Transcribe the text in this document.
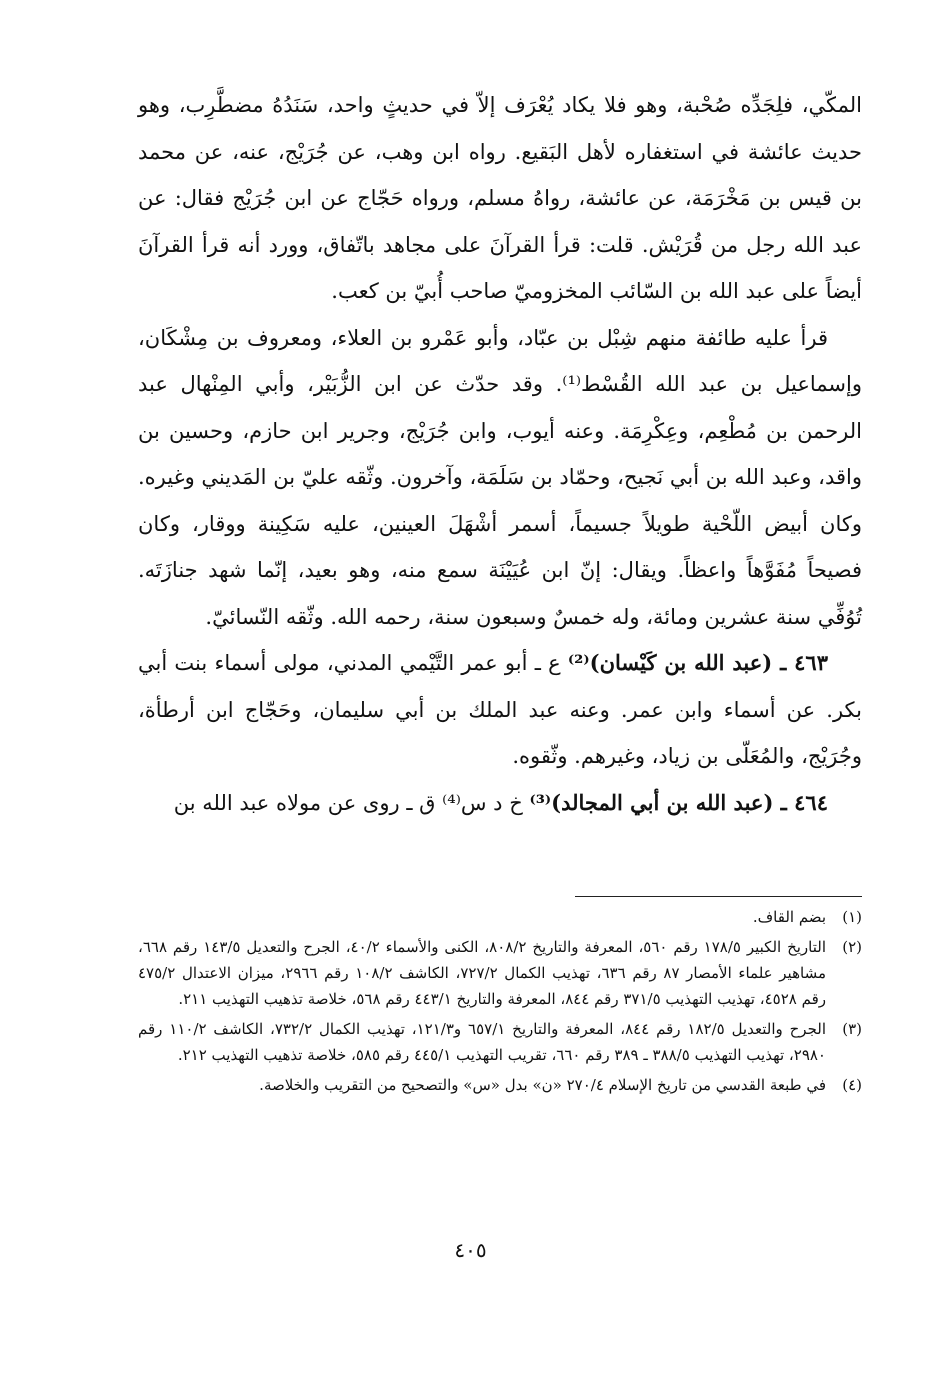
المكّي، فلِجَدِّه صُحْبة، وهو فلا يكاد يُعْرَف إلاّ في حديثٍ واحد، سَنَدُهُ مضطَّرِب، وهو حديث عائشة في استغفاره لأهل البَقيع. رواه ابن وهب، عن جُرَيْج، عنه، عن محمد بن قيس بن مَخْرَمَة، عن عائشة، رواهُ مسلم، ورواه حَجّاج عن ابن جُرَيْج فقال: عن عبد الله رجل من قُرَيْش. قلت: قرأ القرآنَ على مجاهد باتّفاق، وورد أنه قرأ القرآنَ أيضاً على عبد الله بن السّائب المخزوميّ صاحب أُبيّ بن كعب.

قرأ عليه طائفة منهم شِبْل بن عبّاد، وأبو عَمْرو بن العلاء، ومعروف بن مِشْكَان، وإسماعيل بن عبد الله القُسْط⁽¹⁾. وقد حدّث عن ابن الزُّبَيْر، وأبي المِنْهال عبد الرحمن بن مُطْعِم، وعِكْرِمَة. وعنه أيوب، وابن جُرَيْج، وجرير ابن حازم، وحسين بن واقد، وعبد الله بن أبي نَجيح، وحمّاد بن سَلَمَة، وآخرون. وثّقه عليّ بن المَديني وغيره. وكان أبيض اللّحْية طويلاً جسيماً، أسمر أشْهَلَ العينين، عليه سَكِينة ووقار، وكان فصيحاً مُفَوَّهاً واعظاً. ويقال: إنّ ابن عُيَيْنَة سمع منه، وهو بعيد، إنّما شهد جنازَتَه. تُوُفِّي سنة عشرين ومائة، وله خمسٌ وسبعون سنة، رحمه الله. وثّقه النّسائيّ.

٤٦٣ ـ (عبد الله بن كَيْسان)⁽²⁾ ع ـ أبو عمر التَّيْمي المدني، مولى أسماء بنت أبي بكر. عن أسماء وابن عمر. وعنه عبد الملك بن أبي سليمان، وحَجّاج ابن أرطأة، وجُرَيْج، والمُعَلّى بن زياد، وغيرهم. وثّقوه.

٤٦٤ ـ (عبد الله بن أبي المجالد)⁽³⁾ خ د س⁽⁴⁾ ق ـ روى عن مولاه عبد الله بن

(١)
بضم القاف.
(٢)
التاريخ الكبير ١٧٨/٥ رقم ٥٦٠، المعرفة والتاريخ ٨٠٨/٢، الكنى والأسماء ٤٠/٢، الجرح والتعديل ١٤٣/٥ رقم ٦٦٨، مشاهير علماء الأمصار ٨٧ رقم ٦٣٦، تهذيب الكمال ٧٢٧/٢، الكاشف ١٠٨/٢ رقم ٢٩٦٦، ميزان الاعتدال ٤٧٥/٢ رقم ٤٥٢٨، تهذيب التهذيب ٣٧١/٥ رقم ٨٤٤، المعرفة والتاريخ ٤٤٣/١ رقم ٥٦٨، خلاصة تذهيب التهذيب ٢١١.
(٣)
الجرح والتعديل ١٨٢/٥ رقم ٨٤٤، المعرفة والتاريخ ٦٥٧/١ و١٢١/٣، تهذيب الكمال ٧٣٢/٢، الكاشف ١١٠/٢ رقم ٢٩٨٠، تهذيب التهذيب ٣٨٨/٥ ـ ٣٨٩ رقم ٦٦٠، تقريب التهذيب ٤٤٥/١ رقم ٥٨٥، خلاصة تذهيب التهذيب ٢١٢.
(٤)
في طبعة القدسي من تاريخ الإسلام ٢٧٠/٤ «ن» بدل «س» والتصحيح من التقريب والخلاصة.
٤٠٥
